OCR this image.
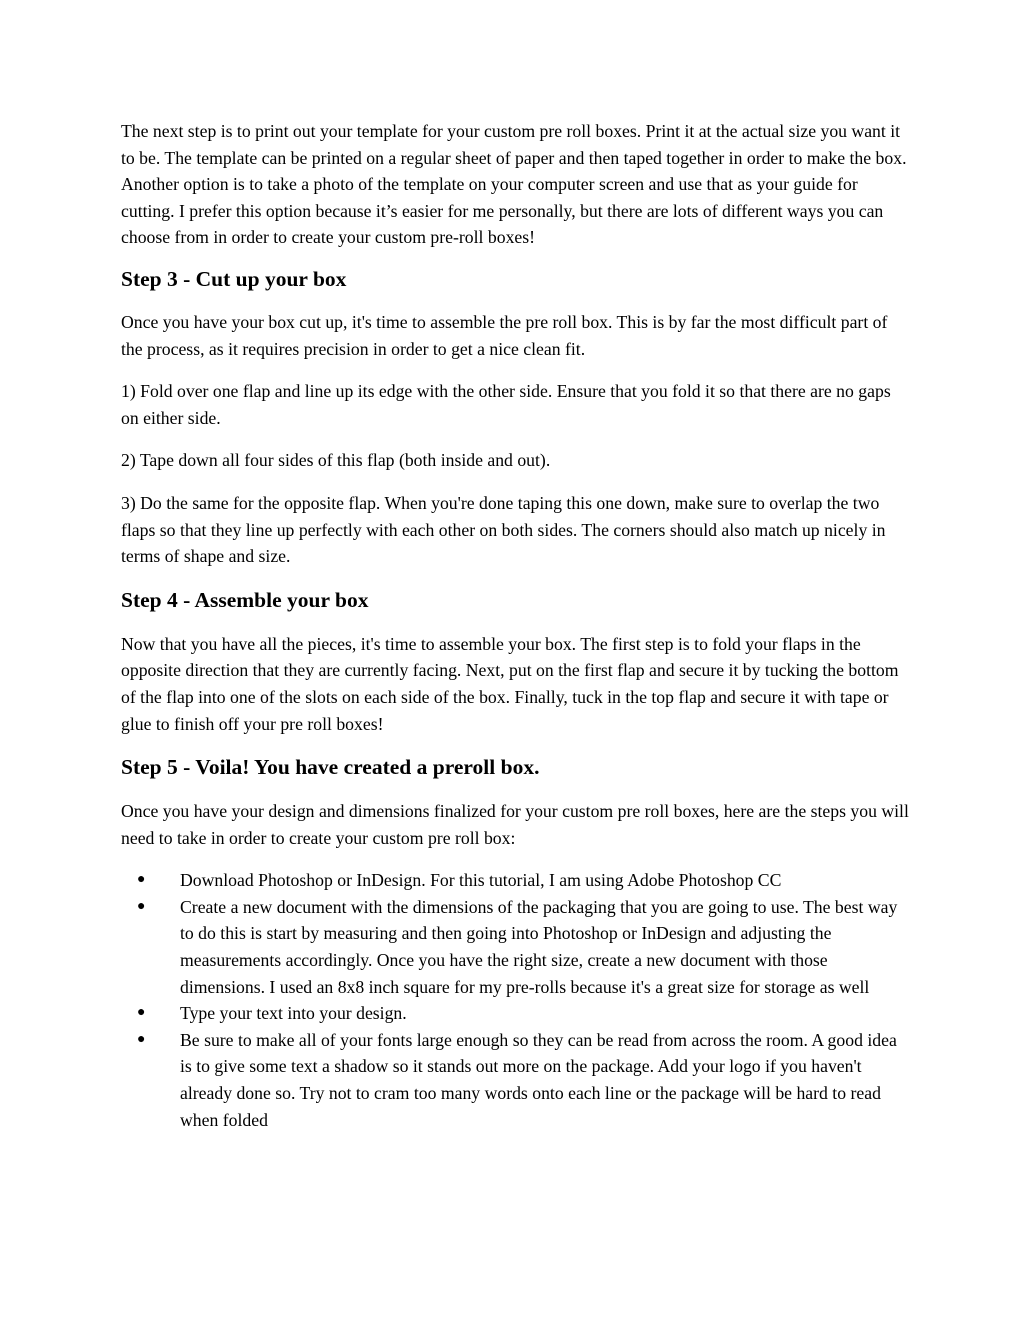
The next step is to print out your template for your custom pre roll boxes. Print it at the actual size you want it to be. The template can be printed on a regular sheet of paper and then taped together in order to make the box. Another option is to take a photo of the template on your computer screen and use that as your guide for cutting. I prefer this option because it’s easier for me personally, but there are lots of different ways you can choose from in order to create your custom pre-roll boxes!

Step 3 - Cut up your box

Once you have your box cut up, it's time to assemble the pre roll box. This is by far the most difficult part of the process, as it requires precision in order to get a nice clean fit.

1) Fold over one flap and line up its edge with the other side. Ensure that you fold it so that there are no gaps on either side.

2) Tape down all four sides of this flap (both inside and out).

3) Do the same for the opposite flap. When you're done taping this one down, make sure to overlap the two flaps so that they line up perfectly with each other on both sides. The corners should also match up nicely in terms of shape and size.

Step 4 - Assemble your box

Now that you have all the pieces, it's time to assemble your box. The first step is to fold your flaps in the opposite direction that they are currently facing. Next, put on the first flap and secure it by tucking the bottom of the flap into one of the slots on each side of the box. Finally, tuck in the top flap and secure it with tape or glue to finish off your pre roll boxes!

Step 5 - Voila! You have created a preroll box.

Once you have your design and dimensions finalized for your custom pre roll boxes, here are the steps you will need to take in order to create your custom pre roll box:

● Download Photoshop or InDesign. For this tutorial, I am using Adobe Photoshop CC
● Create a new document with the dimensions of the packaging that you are going to use. The best way to do this is start by measuring and then going into Photoshop or InDesign and adjusting the measurements accordingly. Once you have the right size, create a new document with those dimensions. I used an 8x8 inch square for my pre-rolls because it's a great size for storage as well
● Type your text into your design.
● Be sure to make all of your fonts large enough so they can be read from across the room. A good idea is to give some text a shadow so it stands out more on the package. Add your logo if you haven't already done so. Try not to cram too many words onto each line or the package will be hard to read when folded
